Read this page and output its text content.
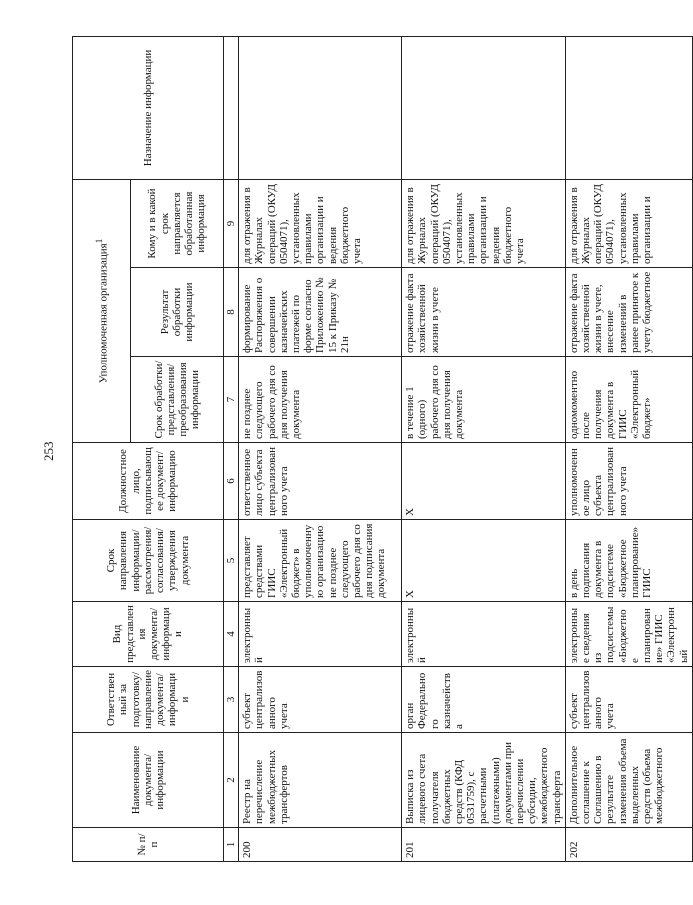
253
№ п/п	Наименование документа/ информации	Ответственный за подготовку/ направление документа/ информации	Вид представления документа/ информации	Срок направления информации/ рассмотрения/ согласования/ утверждения документа	Должностное лицо, подписывающее документ/ информацию	Уполномоченная организация$^1$			Назначение информации
						Срок обработки/ представления/ преобразования информации	Результат обработки информации	Кому и в какой срок направляется обработанная информация	
1	2	3	4	5	6	7	8	9	
200	Реестр на перечисление межбюджетных трансфертов	субъект централизованного учета	электронный	представляет средствами ГИИС «Электронный бюджет» в уполномоченную организацию не позднее следующего рабочего дня со дня подписания документа	ответственное лицо субъекта централизованного учета	не позднее следующего рабочего дня со дня получения документа	формирование Распоряжения о совершении казначейских платежей по форме согласно Приложению № 15 к Приказу № 21н	для отражения в Журналах операций (ОКУД 0504071), установленных правилами организации и ведения бюджетного учета	
201	Выписка из лицевого счета получателя бюджетных средств (КФД 0531759), с расчетными (платежными) документами при перечислении субсидии, межбюджетного трансферта	орган Федерального казначейства	электронный	Х	Х	в течение 1 (одного) рабочего дня со дня получения документа	отражение факта хозяйственной жизни в учете	для отражения в Журналах операций (ОКУД 0504071), установленных правилами организации и ведения бюджетного учета	
202	Дополнительное соглашение к Соглашению в результате изменения объема выделенных средств (объема межбюджетного	субъект централизованного учета	электронные сведения из подсистемы «Бюджетное планирование» ГИИС «Электронный	в день подписания документа в подсистеме «Бюджетное планирование» ГИИС	уполномоченное лицо субъекта централизованного учета	одномоментно после получения документа в ГИИС «Электронный бюджет»	отражение факта хозяйственной жизни в учете, внесение изменений в ранее принятое к учету бюджетное	для отражения в Журналах операций (ОКУД 0504071), установленных правилами организации и	
